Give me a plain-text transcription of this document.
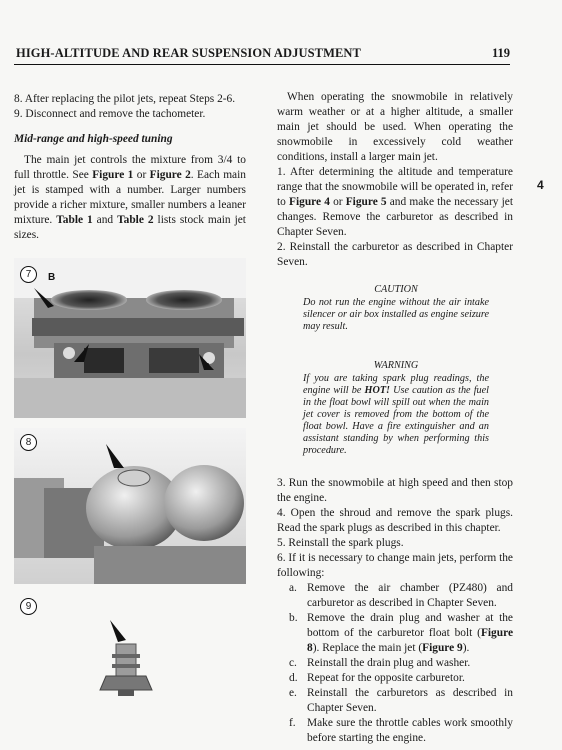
HIGH-ALTITUDE AND REAR SUSPENSION ADJUSTMENT	119
4

8. After replacing the pilot jets, repeat Steps 2-6.

9. Disconnect and remove the tachometer.

Mid-range and high-speed tuning

The main jet controls the mixture from 3/4 to full throttle. See Figure 1 or Figure 2. Each main jet is stamped with a number. Larger numbers provide a richer mixture, smaller numbers a leaner mixture. Table 1 and Table 2 lists stock main jet sizes.

7	B
A
8
9

When operating the snowmobile in relatively warm weather or at a higher altitude, a smaller main jet should be used. When operating the snowmobile in excessively cold weather conditions, install a larger main jet.

1. After determining the altitude and temperature range that the snowmobile will be operated in, refer to Figure 4 or Figure 5 and make the necessary jet changes. Remove the carburetor as described in Chapter Seven.

2. Reinstall the carburetor as described in Chapter Seven.

CAUTION
Do not run the engine without the air intake silencer or air box installed as engine seizure may result.
WARNING
If you are taking spark plug readings, the engine will be HOT! Use caution as the fuel in the float bowl will spill out when the main jet cover is removed from the bottom of the float bowl. Have a fire extinguisher and an assistant standing by when performing this procedure.

3. Run the snowmobile at high speed and then stop the engine.

4. Open the shroud and remove the spark plugs. Read the spark plugs as described in this chapter.

5. Reinstall the spark plugs.

6. If it is necessary to change main jets, perform the following:

a. Remove the air chamber (PZ480) and carburetor as described in Chapter Seven.
b. Remove the drain plug and washer at the bottom of the carburetor float bolt (Figure 8). Replace the main jet (Figure 9).
c. Reinstall the drain plug and washer.
d. Repeat for the opposite carburetor.
e. Reinstall the carburetors as described in Chapter Seven.
f. Make sure the throttle cables work smoothly before starting the engine.
